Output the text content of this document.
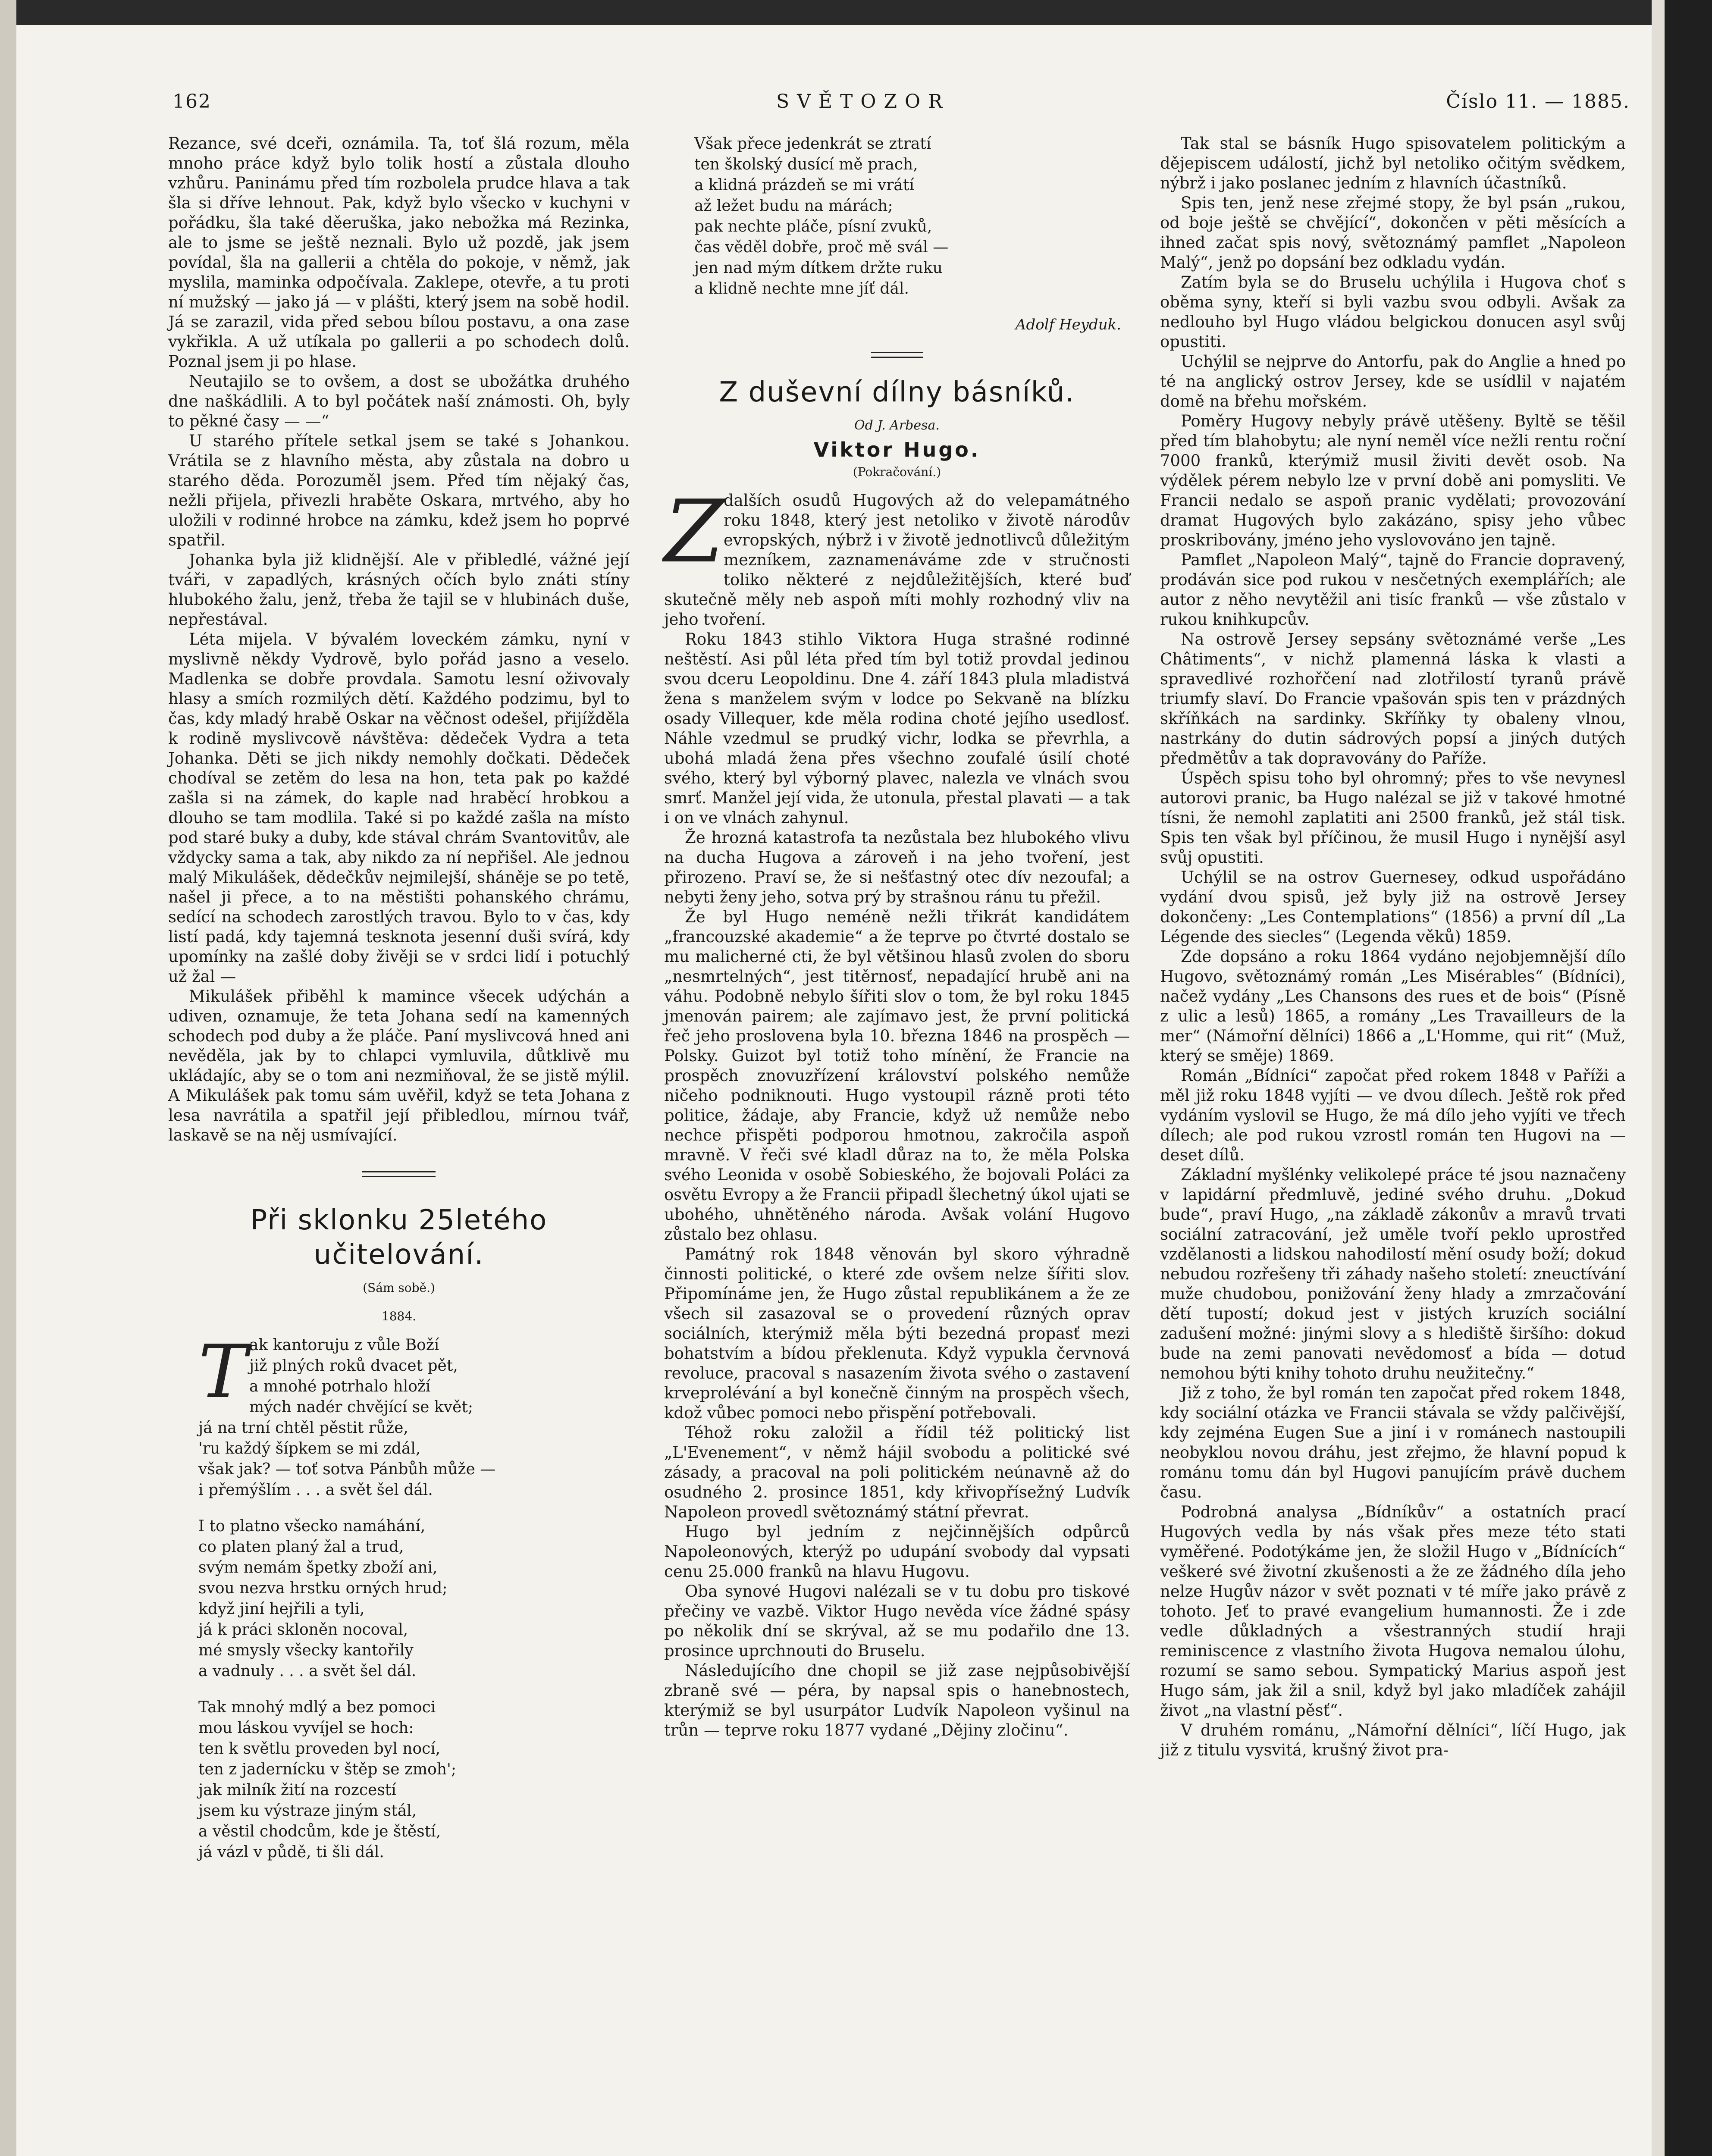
162	SVĚTOZOR	Číslo 11. — 1885.

Rezance, své dceři, oznámila. Ta, toť šlá rozum, měla mnoho práce když bylo tolik hostí a zůstala dlouho vzhůru. Paninámu před tím rozbolela prudce hlava a tak šla si dříve lehnout. Pak, když bylo všecko v kuchyni v pořádku, šla také děeruška, jako nebožka má Rezinka, ale to jsme se ještě neznali. Bylo už pozdě, jak jsem povídal, šla na gallerii a chtěla do pokoje, v němž, jak myslila, maminka odpočívala. Zaklepe, otevře, a tu proti ní mužský — jako já — v plášti, který jsem na sobě hodil. Já se zarazil, vida před sebou bílou postavu, a ona zase vykřikla. A už utíkala po gallerii a po schodech dolů. Poznal jsem ji po hlase.

Neutajilo se to ovšem, a dost se ubožátka druhého dne naškádlili. A to byl počátek naší známosti. Oh, byly to pěkné časy — —“

U starého přítele setkal jsem se také s Johankou. Vrátila se z hlavního města, aby zůstala na dobro u starého děda. Porozuměl jsem. Před tím nějaký čas, nežli přijela, přivezli hraběte Oskara, mrtvého, aby ho uložili v rodinné hrobce na zámku, kdež jsem ho poprvé spatřil.

Johanka byla již klidnější. Ale v přibledlé, vážné její tváři, v zapadlých, krásných očích bylo znáti stíny hlubokého žalu, jenž, třeba že tajil se v hlubinách duše, nepřestával.

Léta mijela. V bývalém loveckém zámku, nyní v myslivně někdy Vydrově, bylo pořád jasno a veselo. Madlenka se dobře provdala. Samotu lesní oživovaly hlasy a smích rozmilých dětí. Každého podzimu, byl to čas, kdy mladý hrabě Oskar na věčnost odešel, přijížděla k rodině myslivcově návštěva: dědeček Vydra a teta Johanka. Děti se jich nikdy nemohly dočkati. Dědeček chodíval se zetěm do lesa na hon, teta pak po každé zašla si na zámek, do kaple nad hraběcí hrobkou a dlouho se tam modlila. Také si po každé zašla na místo pod staré buky a duby, kde stával chrám Svantovitův, ale vždycky sama a tak, aby nikdo za ní nepřišel. Ale jednou malý Mikulášek, dědečkův nejmilejší, sháněje se po tetě, našel ji přece, a to na městišti pohanského chrámu, sedící na schodech zarostlých travou. Bylo to v čas, kdy listí padá, kdy tajemná tesknota jesenní duši svírá, kdy upomínky na zašlé doby živěji se v srdci lidí i potuchlý už žal —

Mikulášek přiběhl k mamince všecek udýchán a udiven, oznamuje, že teta Johana sedí na kamenných schodech pod duby a že pláče. Paní myslivcová hned ani nevěděla, jak by to chlapci vymluvila, důtklivě mu ukládajíc, aby se o tom ani nezmiňoval, že se jistě mýlil. A Mikulášek pak tomu sám uvěřil, když se teta Johana z lesa navrátila a spatřil její přibledlou, mírnou tvář, laskavě se na něj usmívající.

Při sklonku 25letého učitelování.
(Sám sobě.)
1884.
T ak kantoruju z vůle Boží
již plných roků dvacet pět,
a mnohé potrhalo hloží
mých nadér chvějící se květ;
já na trní chtěl pěstit růže,
'ru každý šípkem se mi zdál,
však jak? — toť sotva Pánbůh může —
i přemýšlím . . . a svět šel dál.
I to platno všecko namáhání,
co platen planý žal a trud,
svým nemám špetky zboží ani,
svou nezva hrstku orných hrud;
když jiní hejřili a tyli,
já k práci skloněn nocoval,
mé smysly všecky kantořily
a vadnuly . . . a svět šel dál.
Tak mnohý mdlý a bez pomoci
mou láskou vyvíjel se hoch:
ten k světlu proveden byl nocí,
ten z jadernícku v štěp se zmoh';
jak milník žití na rozcestí
jsem ku výstraze jiným stál,
a věstil chodcům, kde je štěstí,
já vázl v půdě, ti šli dál.
Však přece jedenkrát se ztratí
ten školský dusící mě prach,
a klidná prázdeň se mi vrátí
až ležet budu na márách;
pak nechte pláče, písní zvuků,
čas věděl dobře, proč mě svál —
jen nad mým dítkem držte ruku
a klidně nechte mne jíť dál.
Adolf Heyduk.
Z duševní dílny básníků.
Od J. Arbesa.
Viktor Hugo.
(Pokračování.)

Zdalších osudů Hugových až do velepamátného roku 1848, který jest netoliko v životě národův evropských, nýbrž i v životě jednotlivců důležitým mezníkem, zaznamenáváme zde v stručnosti toliko některé z nejdůležitějších, které buď skutečně měly neb aspoň míti mohly rozhodný vliv na jeho tvoření.

Roku 1843 stihlo Viktora Huga strašné rodinné neštěstí. Asi půl léta před tím byl totiž provdal jedinou svou dceru Leopoldinu. Dne 4. září 1843 plula mladistvá žena s manželem svým v lodce po Sekvaně na blízku osady Villequer, kde měla rodina choté jejího usedlosť. Náhle vzedmul se prudký vichr, lodka se převrhla, a ubohá mladá žena přes všechno zoufalé úsilí choté svého, který byl výborný plavec, nalezla ve vlnách svou smrť. Manžel její vida, že utonula, přestal plavati — a tak i on ve vlnách zahynul.

Že hrozná katastrofa ta nezůstala bez hlubokého vlivu na ducha Hugova a zároveň i na jeho tvoření, jest přirozeno. Praví se, že si nešťastný otec dív nezoufal; a nebyti ženy jeho, sotva prý by strašnou ránu tu přežil.

Že byl Hugo neméně nežli třikrát kandidátem „francouzské akademie“ a že teprve po čtvrté dostalo se mu malicherné cti, že byl většinou hlasů zvolen do sboru „nesmrtelných“, jest titěrnosť, nepadající hrubě ani na váhu. Podobně nebylo šířiti slov o tom, že byl roku 1845 jmenován pairem; ale zajímavo jest, že první politická řeč jeho proslovena byla 10. března 1846 na prospěch — Polsky. Guizot byl totiž toho mínění, že Francie na prospěch znovuzřízení království polského nemůže ničeho podniknouti. Hugo vystoupil rázně proti této politice, žádaje, aby Francie, když už nemůže nebo nechce přispěti podporou hmotnou, zakročila aspoň mravně. V řeči své kladl důraz na to, že měla Polska svého Leonida v osobě Sobieského, že bojovali Poláci za osvětu Evropy a že Francii připadl šlechetný úkol ujati se ubohého, uhnětěného národa. Avšak volání Hugovo zůstalo bez ohlasu.

Památný rok 1848 věnován byl skoro výhradně činnosti politické, o které zde ovšem nelze šířiti slov. Připomínáme jen, že Hugo zůstal republikánem a že ze všech sil zasazoval se o provedení různých oprav sociálních, kterýmiž měla býti bezedná propasť mezi bohatstvím a bídou překlenuta. Když vypukla červnová revoluce, pracoval s nasazením života svého o zastavení krveprolévání a byl konečně činným na prospěch všech, kdož vůbec pomoci nebo přispění potřebovali.

Téhož roku založil a řídil též politický list „L'Evenement“, v němž hájil svobodu a politické své zásady, a pracoval na poli politickém neúnavně až do osudného 2. prosince 1851, kdy křivopřísežný Ludvík Napoleon provedl světoznámý státní převrat.

Hugo byl jedním z nejčinnějších odpůrců Napoleonových, kterýž po udupání svobody dal vypsati cenu 25.000 franků na hlavu Hugovu.

Oba synové Hugovi nalézali se v tu dobu pro tiskové přečiny ve vazbě. Viktor Hugo nevěda více žádné spásy po několik dní se skrýval, až se mu podařilo dne 13. prosince uprchnouti do Bruselu.

Následujícího dne chopil se již zase nejpůsobivější zbraně své — péra, by napsal spis o hanebnostech, kterýmiž se byl usurpátor Ludvík Napoleon vyšinul na trůn — teprve roku 1877 vydané „Dějiny zločinu“.

Tak stal se básník Hugo spisovatelem politickým a dějepiscem událostí, jichž byl netoliko očitým svědkem, nýbrž i jako poslanec jedním z hlavních účastníků.

Spis ten, jenž nese zřejmé stopy, že byl psán „rukou, od boje ještě se chvějící“, dokončen v pěti měsících a ihned začat spis nový, světoznámý pamflet „Napoleon Malý“, jenž po dopsání bez odkladu vydán.

Zatím byla se do Bruselu uchýlila i Hugova choť s oběma syny, kteří si byli vazbu svou odbyli. Avšak za nedlouho byl Hugo vládou belgickou donucen asyl svůj opustiti.

Uchýlil se nejprve do Antorfu, pak do Anglie a hned po té na anglický ostrov Jersey, kde se usídlil v najatém domě na břehu mořském.

Poměry Hugovy nebyly právě utěšeny. Byltě se těšil před tím blahobytu; ale nyní neměl více nežli rentu roční 7000 franků, kterýmiž musil živiti devět osob. Na výdělek pérem nebylo lze v první době ani pomysliti. Ve Francii nedalo se aspoň pranic vydělati; provozování dramat Hugových bylo zakázáno, spisy jeho vůbec proskribovány, jméno jeho vyslovováno jen tajně.

Pamflet „Napoleon Malý“, tajně do Francie dopravený, prodáván sice pod rukou v nesčetných exemplářích; ale autor z něho nevytěžil ani tisíc franků — vše zůstalo v rukou knihkupcův.

Na ostrově Jersey sepsány světoznámé verše „Les Châtiments“, v nichž plamenná láska k vlasti a spravedlivé rozhořčení nad zlotřilostí tyranů právě triumfy slaví. Do Francie vpašován spis ten v prázdných skříňkách na sardinky. Skříňky ty obaleny vlnou, nastrkány do dutin sádrových popsí a jiných dutých předmětův a tak dopravovány do Paříže.

Úspěch spisu toho byl ohromný; přes to vše nevynesl autorovi pranic, ba Hugo nalézal se již v takové hmotné tísni, že nemohl zaplatiti ani 2500 franků, jež stál tisk. Spis ten však byl příčinou, že musil Hugo i nynější asyl svůj opustiti.

Uchýlil se na ostrov Guernesey, odkud uspořádáno vydání dvou spisů, jež byly již na ostrově Jersey dokončeny: „Les Contemplations“ (1856) a první díl „La Légende des siecles“ (Legenda věků) 1859.

Zde dopsáno a roku 1864 vydáno nejobjemnější dílo Hugovo, světoznámý román „Les Misérables“ (Bídníci), načež vydány „Les Chansons des rues et de bois“ (Písně z ulic a lesů) 1865, a romány „Les Travailleurs de la mer“ (Námořní dělníci) 1866 a „L'Homme, qui rit“ (Muž, který se směje) 1869.

Román „Bídníci“ započat před rokem 1848 v Paříži a měl již roku 1848 vyjíti — ve dvou dílech. Ještě rok před vydáním vyslovil se Hugo, že má dílo jeho vyjíti ve třech dílech; ale pod rukou vzrostl román ten Hugovi na — deset dílů.

Základní myšlénky velikolepé práce té jsou naznačeny v lapidární předmluvě, jediné svého druhu. „Dokud bude“, praví Hugo, „na základě zákonův a mravů trvati sociální zatracování, jež uměle tvoří peklo uprostřed vzdělanosti a lidskou nahodilostí mění osudy boží; dokud nebudou rozřešeny tři záhady našeho století: zneuctívání muže chudobou, ponižování ženy hlady a zmrzačování dětí tupostí; dokud jest v jistých kruzích sociální zadušení možné: jinými slovy a s hlediště širšího: dokud bude na zemi panovati nevědomosť a bída — dotud nemohou býti knihy tohoto druhu neužitečny.“

Již z toho, že byl román ten započat před rokem 1848, kdy sociální otázka ve Francii stávala se vždy palčivější, kdy zejména Eugen Sue a jiní i v románech nastoupili neobyklou novou dráhu, jest zřejmo, že hlavní popud k románu tomu dán byl Hugovi panujícím právě duchem času.

Podrobná analysa „Bídníkův“ a ostatních prací Hugových vedla by nás však přes meze této stati vyměřené. Podotýkáme jen, že složil Hugo v „Bídnících“ veškeré své životní zkušenosti a že ze žádného díla jeho nelze Hugův názor v svět poznati v té míře jako právě z tohoto. Jeť to pravé evangelium humannosti. Že i zde vedle důkladných a všestranných studií hraji reminiscence z vlastního života Hugova nemalou úlohu, rozumí se samo sebou. Sympatický Marius aspoň jest Hugo sám, jak žil a snil, když byl jako mladíček zahájil život „na vlastní pěsť“.

V druhém románu, „Námořní dělníci“, líčí Hugo, jak již z titulu vysvitá, krušný život pra-
